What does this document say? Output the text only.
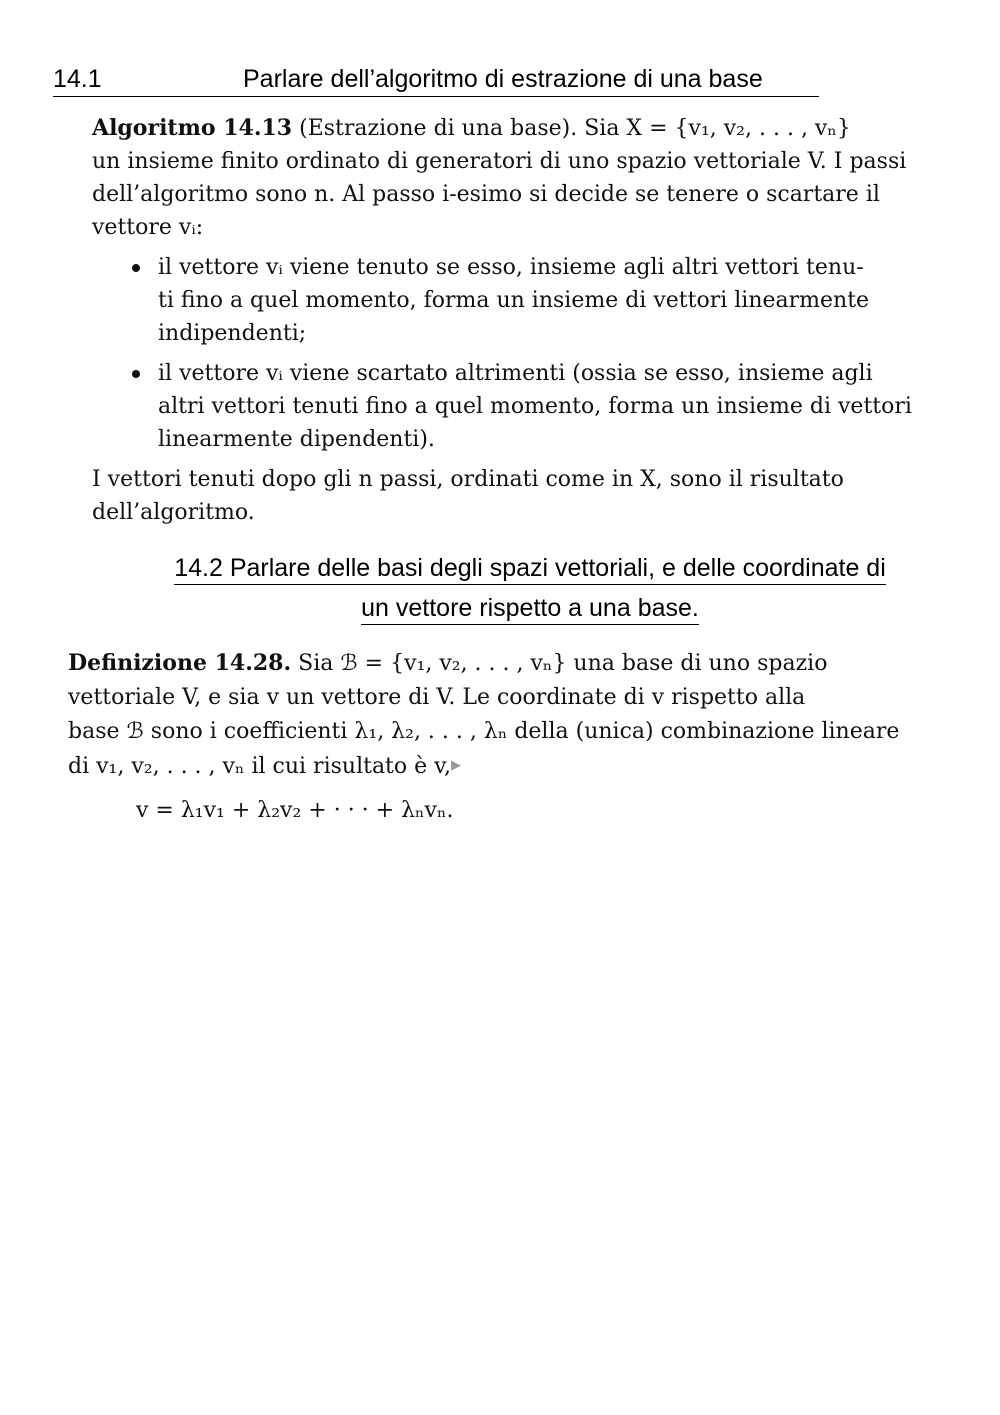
14.1	Parlare dell’algoritmo di estrazione di una base
Algoritmo 14.13 (Estrazione di una base). Sia X = {v₁, v₂, . . . , vₙ}
un insieme finito ordinato di generatori di uno spazio vettoriale V. I passi
dell’algoritmo sono n. Al passo i-esimo si decide se tenere o scartare il
vettore vᵢ:
il vettore vᵢ viene tenuto se esso, insieme agli altri vettori tenu-
ti fino a quel momento, forma un insieme di vettori linearmente
indipendenti;
il vettore vᵢ viene scartato altrimenti (ossia se esso, insieme agli
altri vettori tenuti fino a quel momento, forma un insieme di vettori
linearmente dipendenti).
I vettori tenuti dopo gli n passi, ordinati come in X, sono il risultato
dell’algoritmo.
14.2 Parlare delle basi degli spazi vettoriali, e delle coordinate di
un vettore rispetto a una base.
Definizione 14.28. Sia ℬ = {v₁, v₂, . . . , vₙ} una base di uno spazio
vettoriale V, e sia v un vettore di V. Le coordinate di v rispetto alla
base ℬ sono i coefficienti λ₁, λ₂, . . . , λₙ della (unica) combinazione lineare
di v₁, v₂, . . . , vₙ il cui risultato è v,▶
v = λ₁v₁ + λ₂v₂ + · · · + λₙvₙ.
